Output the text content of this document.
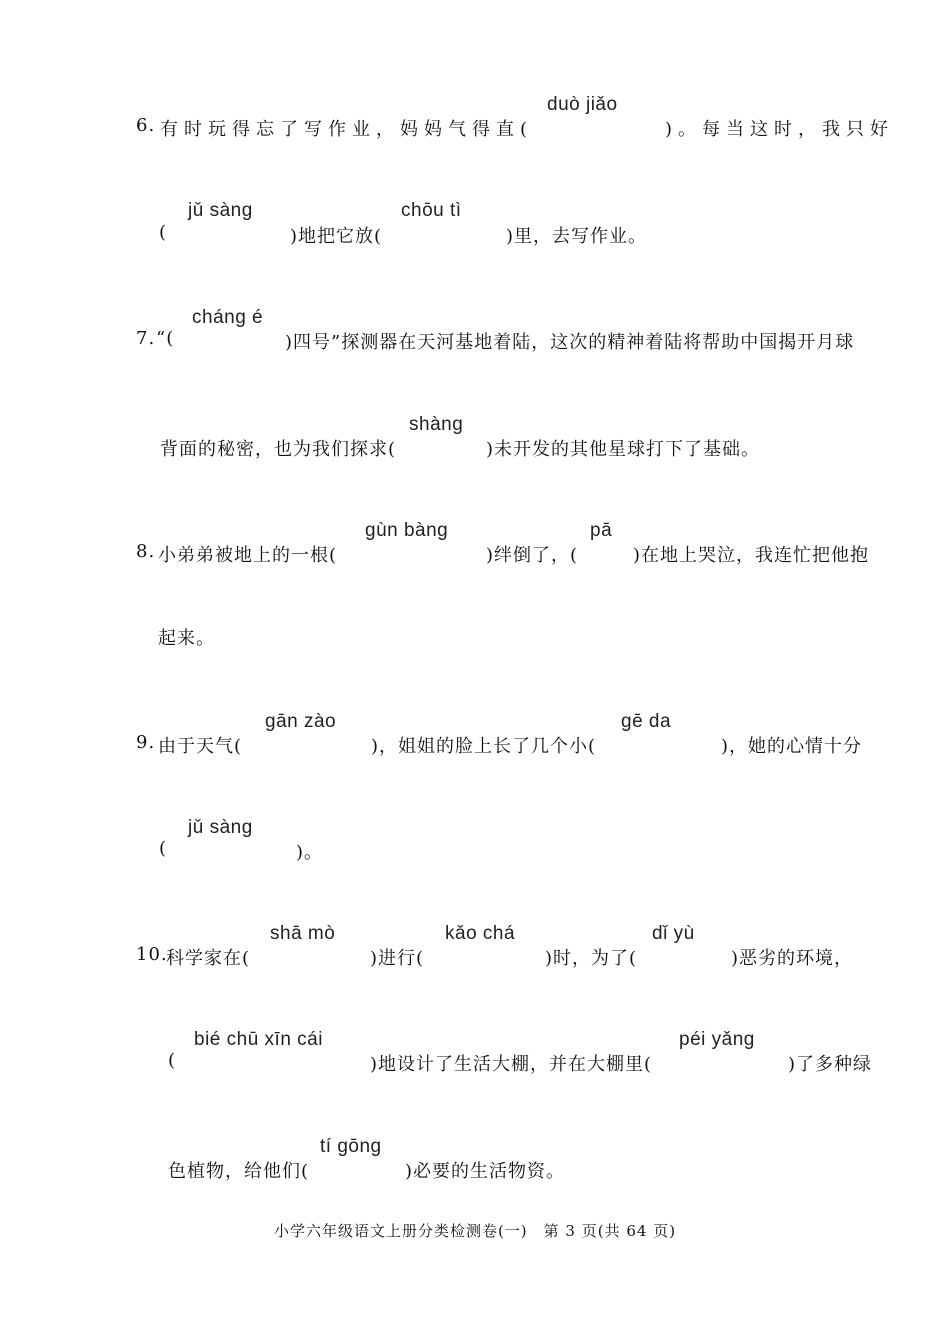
duò jiǎo
6. 有时玩得忘了写作业，妈妈气得直(	)。每当这时，我只好
jǔ sàng	chōu tì
(	)地把它放(	)里，去写作业。
cháng é
7. “(	)四号”探测器在天河基地着陆，这次的精神着陆将帮助中国揭开月球
shàng
背面的秘密，也为我们探求(	)未开发的其他星球打下了基础。
gùn bàng	pā
8. 小弟弟被地上的一根(	)绊倒了，(	)在地上哭泣，我连忙把他抱
起来。
gān zào	gē da
9. 由于天气(	)，姐姐的脸上长了几个小(	)，她的心情十分
jǔ sàng
(	)。
shā mò	kǎo chá	dǐ yù
10.
科学家在(	)进行(	)时，为了(	)恶劣的环境，
bié chū xīn cái	péi yǎng
(	)地设计了生活大棚，并在大棚里(	)了多种绿
tí gōng
色植物，给他们(	)必要的生活物资。
小学六年级语文上册分类检测卷(一)　第 3 页(共 64 页)
